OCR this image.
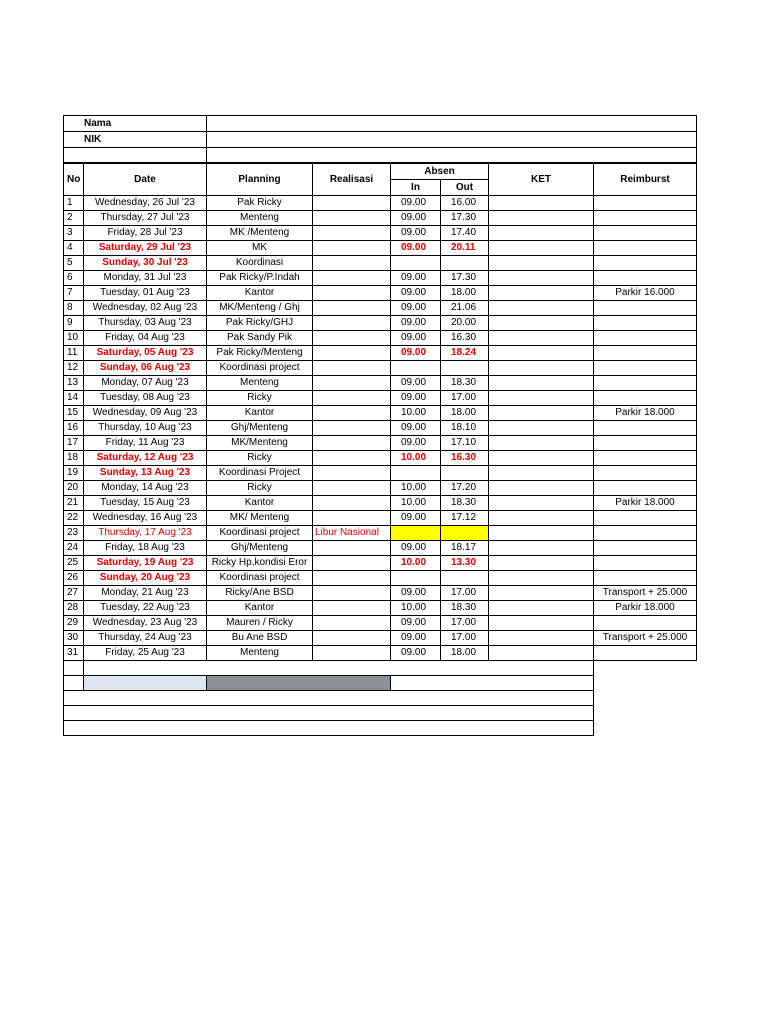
Nama							
NIK							

No	Date	Planning	Realisasi	Absen		KET	Reimburst
				In	Out		
1	Wednesday, 26 Jul '23	Pak Ricky		09.00	16.00		
2	Thursday, 27 Jul '23	Menteng		09.00	17.30		
3	Friday, 28 Jul '23	MK /Menteng		09.00	17.40		
4	Saturday, 29 Jul '23	MK		09.00	20.11		
5	Sunday, 30 Jul '23	Koordinasi					
6	Monday, 31 Jul '23	Pak Ricky/P.Indah		09.00	17.30		
7	Tuesday, 01 Aug '23	Kantor		09.00	18.00		Parkir 16.000
8	Wednesday, 02 Aug '23	MK/Menteng / Ghj		09.00	21.06		
9	Thursday, 03 Aug '23	Pak Ricky/GHJ		09.00	20.00		
10	Friday, 04 Aug '23	Pak Sandy Pik		09.00	16.30		
11	Saturday, 05 Aug '23	Pak Ricky/Menteng		09.00	18.24		
12	Sunday, 06 Aug '23	Koordinasi project					
13	Monday, 07 Aug '23	Menteng		09.00	18.30		
14	Tuesday, 08 Aug '23	Ricky		09.00	17.00		
15	Wednesday, 09 Aug '23	Kantor		10.00	18.00		Parkir 18.000
16	Thursday, 10 Aug '23	Ghj/Menteng		09.00	18.10		
17	Friday, 11 Aug '23	MK/Menteng		09.00	17.10		
18	Saturday, 12 Aug '23	Ricky		10.00	16.30		
19	Sunday, 13 Aug '23	Koordinasi Project					
20	Monday, 14 Aug '23	Ricky		10.00	17.20		
21	Tuesday, 15 Aug '23	Kantor		10.00	18.30		Parkir 18.000
22	Wednesday, 16 Aug '23	MK/ Menteng		09.00	17.12		
23	Thursday, 17 Aug '23	Koordinasi project	Libur Nasional				
24	Friday, 18 Aug '23	Ghj/Menteng		09.00	18.17		
25	Saturday, 19 Aug '23	Ricky Hp,kondisi Eror		10.00	13.30		
26	Sunday, 20 Aug '23	Koordinasi project					
27	Monday, 21 Aug '23	Ricky/Ane BSD		09.00	17.00		Transport + 25.000
28	Tuesday, 22 Aug '23	Kantor		10.00	18.30		Parkir 18.000
29	Wednesday, 23 Aug '23	Mauren / Ricky		09.00	17.00		
30	Thursday, 24 Aug '23	Bu Ane BSD		09.00	17.00		Transport + 25.000
31	Friday, 25 Aug '23	Menteng		09.00	18.00		
